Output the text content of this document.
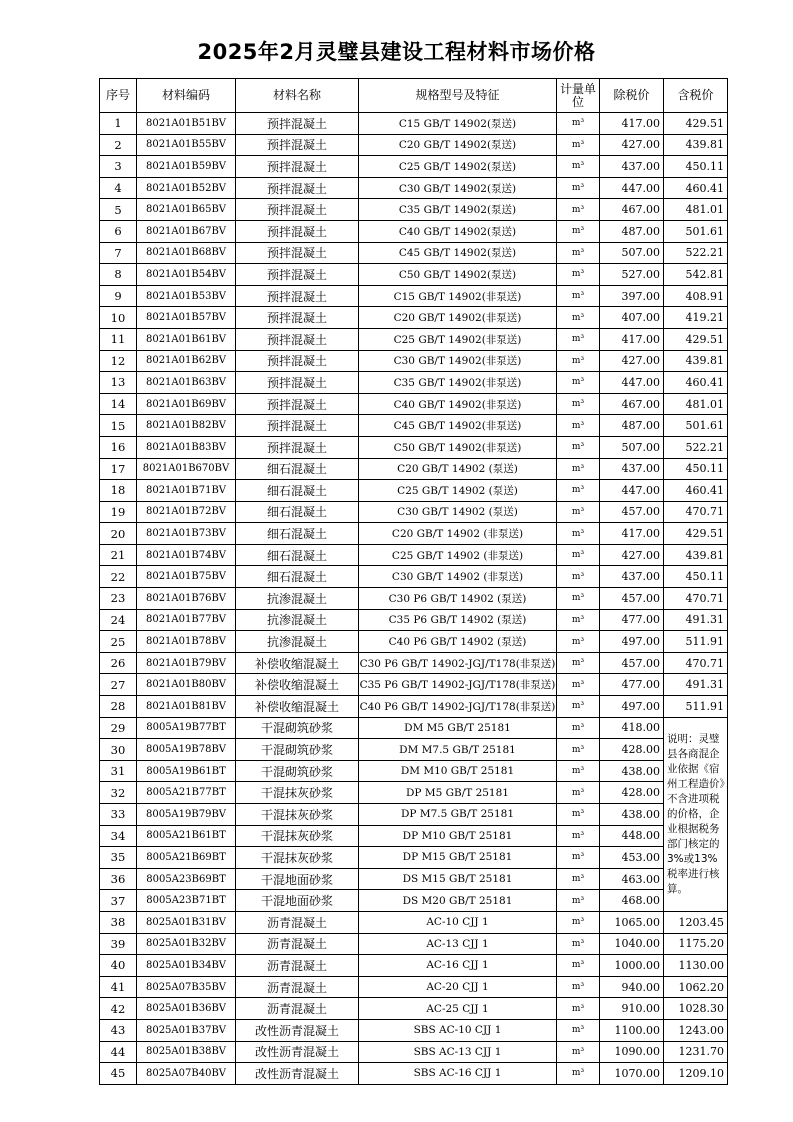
2025年2月灵璧县建设工程材料市场价格
序号	材料编码	材料名称	规格型号及特征	计量单位	除税价	含税价
1	8021A01B51BV	预拌混凝土	C15 GB/T 14902(泵送)	m³	417.00	429.51
2	8021A01B55BV	预拌混凝土	C20 GB/T 14902(泵送)	m³	427.00	439.81
3	8021A01B59BV	预拌混凝土	C25 GB/T 14902(泵送)	m³	437.00	450.11
4	8021A01B52BV	预拌混凝土	C30 GB/T 14902(泵送)	m³	447.00	460.41
5	8021A01B65BV	预拌混凝土	C35 GB/T 14902(泵送)	m³	467.00	481.01
6	8021A01B67BV	预拌混凝土	C40 GB/T 14902(泵送)	m³	487.00	501.61
7	8021A01B68BV	预拌混凝土	C45 GB/T 14902(泵送)	m³	507.00	522.21
8	8021A01B54BV	预拌混凝土	C50 GB/T 14902(泵送)	m³	527.00	542.81
9	8021A01B53BV	预拌混凝土	C15 GB/T 14902(非泵送)	m³	397.00	408.91
10	8021A01B57BV	预拌混凝土	C20 GB/T 14902(非泵送)	m³	407.00	419.21
11	8021A01B61BV	预拌混凝土	C25 GB/T 14902(非泵送)	m³	417.00	429.51
12	8021A01B62BV	预拌混凝土	C30 GB/T 14902(非泵送)	m³	427.00	439.81
13	8021A01B63BV	预拌混凝土	C35 GB/T 14902(非泵送)	m³	447.00	460.41
14	8021A01B69BV	预拌混凝土	C40 GB/T 14902(非泵送)	m³	467.00	481.01
15	8021A01B82BV	预拌混凝土	C45 GB/T 14902(非泵送)	m³	487.00	501.61
16	8021A01B83BV	预拌混凝土	C50 GB/T 14902(非泵送)	m³	507.00	522.21
17	8021A01B670BV	细石混凝土	C20 GB/T 14902 (泵送)	m³	437.00	450.11
18	8021A01B71BV	细石混凝土	C25 GB/T 14902 (泵送)	m³	447.00	460.41
19	8021A01B72BV	细石混凝土	C30 GB/T 14902 (泵送)	m³	457.00	470.71
20	8021A01B73BV	细石混凝土	C20 GB/T 14902 (非泵送)	m³	417.00	429.51
21	8021A01B74BV	细石混凝土	C25 GB/T 14902 (非泵送)	m³	427.00	439.81
22	8021A01B75BV	细石混凝土	C30 GB/T 14902 (非泵送)	m³	437.00	450.11
23	8021A01B76BV	抗渗混凝土	C30 P6 GB/T 14902 (泵送)	m³	457.00	470.71
24	8021A01B77BV	抗渗混凝土	C35 P6 GB/T 14902 (泵送)	m³	477.00	491.31
25	8021A01B78BV	抗渗混凝土	C40 P6 GB/T 14902 (泵送)	m³	497.00	511.91
26	8021A01B79BV	补偿收缩混凝土	C30 P6 GB/T 14902-JGJ/T178(非泵送)	m³	457.00	470.71
27	8021A01B80BV	补偿收缩混凝土	C35 P6 GB/T 14902-JGJ/T178(非泵送)	m³	477.00	491.31
28	8021A01B81BV	补偿收缩混凝土	C40 P6 GB/T 14902-JGJ/T178(非泵送)	m³	497.00	511.91
29	8005A19B77BT	干混砌筑砂浆	DM M5 GB/T 25181	m³	418.00	说明：灵璧县各商混企业依据《宿州工程造价》不含进项税的价格，企业根据税务部门核定的3%或13%税率进行核算。
30	8005A19B78BV	干混砌筑砂浆	DM M7.5 GB/T 25181	m³	428.00	
31	8005A19B61BT	干混砌筑砂浆	DM M10 GB/T 25181	m³	438.00	
32	8005A21B77BT	干混抹灰砂浆	DP M5 GB/T 25181	m³	428.00	
33	8005A19B79BV	干混抹灰砂浆	DP M7.5 GB/T 25181	m³	438.00	
34	8005A21B61BT	干混抹灰砂浆	DP M10 GB/T 25181	m³	448.00	
35	8005A21B69BT	干混抹灰砂浆	DP M15 GB/T 25181	m³	453.00	
36	8005A23B69BT	干混地面砂浆	DS M15 GB/T 25181	m³	463.00	
37	8005A23B71BT	干混地面砂浆	DS M20 GB/T 25181	m³	468.00	
38	8025A01B31BV	沥青混凝土	AC-10 CJJ 1	m³	1065.00	1203.45
39	8025A01B32BV	沥青混凝土	AC-13 CJJ 1	m³	1040.00	1175.20
40	8025A01B34BV	沥青混凝土	AC-16 CJJ 1	m³	1000.00	1130.00
41	8025A07B35BV	沥青混凝土	AC-20 CJJ 1	m³	940.00	1062.20
42	8025A01B36BV	沥青混凝土	AC-25 CJJ 1	m³	910.00	1028.30
43	8025A01B37BV	改性沥青混凝土	SBS AC-10 CJJ 1	m³	1100.00	1243.00
44	8025A01B38BV	改性沥青混凝土	SBS AC-13 CJJ 1	m³	1090.00	1231.70
45	8025A07B40BV	改性沥青混凝土	SBS AC-16 CJJ 1	m³	1070.00	1209.10
